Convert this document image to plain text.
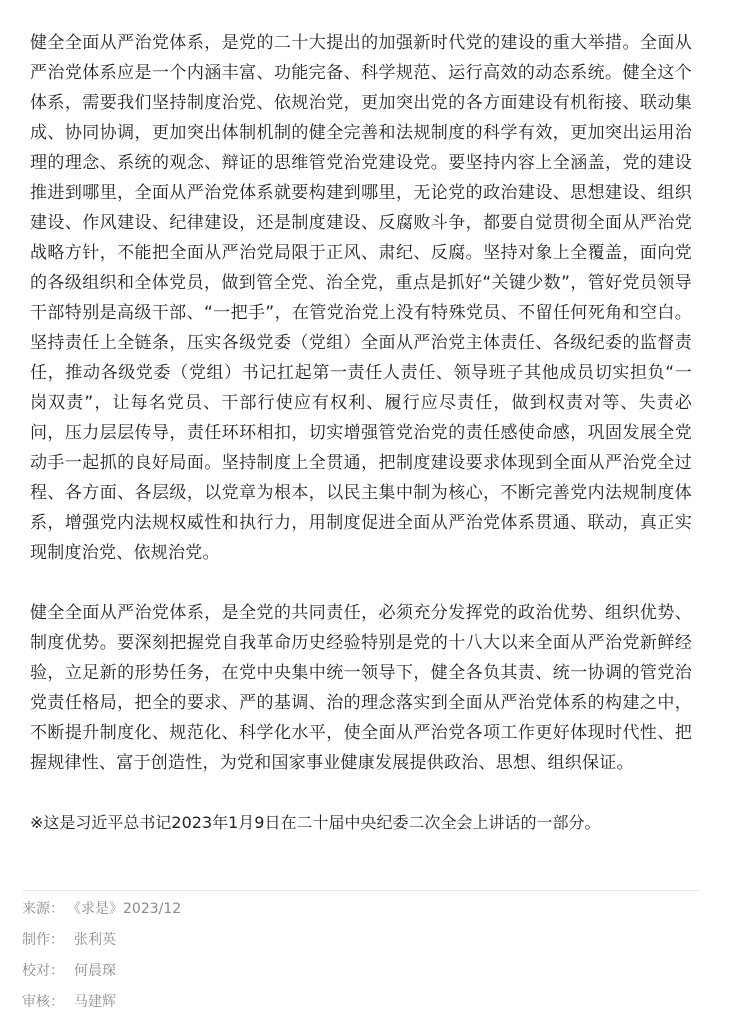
健全全面从严治党体系，是党的二十大提出的加强新时代党的建设的重大举措。全面从严治党体系应是一个内涵丰富、功能完备、科学规范、运行高效的动态系统。健全这个体系，需要我们坚持制度治党、依规治党，更加突出党的各方面建设有机衔接、联动集成、协同协调，更加突出体制机制的健全完善和法规制度的科学有效，更加突出运用治理的理念、系统的观念、辩证的思维管党治党建设党。要坚持内容上全涵盖，党的建设推进到哪里，全面从严治党体系就要构建到哪里，无论党的政治建设、思想建设、组织建设、作风建设、纪律建设，还是制度建设、反腐败斗争，都要自觉贯彻全面从严治党战略方针，不能把全面从严治党局限于正风、肃纪、反腐。坚持对象上全覆盖，面向党的各级组织和全体党员，做到管全党、治全党，重点是抓好“关键少数”，管好党员领导干部特别是高级干部、“一把手”，在管党治党上没有特殊党员、不留任何死角和空白。坚持责任上全链条，压实各级党委（党组）全面从严治党主体责任、各级纪委的监督责任，推动各级党委（党组）书记扛起第一责任人责任、领导班子其他成员切实担负“一岗双责”，让每名党员、干部行使应有权利、履行应尽责任，做到权责对等、失责必问，压力层层传导，责任环环相扣，切实增强管党治党的责任感使命感，巩固发展全党动手一起抓的良好局面。坚持制度上全贯通，把制度建设要求体现到全面从严治党全过程、各方面、各层级，以党章为根本，以民主集中制为核心，不断完善党内法规制度体系，增强党内法规权威性和执行力，用制度促进全面从严治党体系贯通、联动，真正实现制度治党、依规治党。

健全全面从严治党体系，是全党的共同责任，必须充分发挥党的政治优势、组织优势、制度优势。要深刻把握党自我革命历史经验特别是党的十八大以来全面从严治党新鲜经验，立足新的形势任务，在党中央集中统一领导下，健全各负其责、统一协调的管党治党责任格局，把全的要求、严的基调、治的理念落实到全面从严治党体系的构建之中，不断提升制度化、规范化、科学化水平，使全面从严治党各项工作更好体现时代性、把握规律性、富于创造性，为党和国家事业健康发展提供政治、思想、组织保证。

※这是习近平总书记2023年1月9日在二十届中央纪委二次全会上讲话的一部分。

来源： 《求是》2023/12
制作： 张利英
校对： 何晨琛
审核： 马建辉
